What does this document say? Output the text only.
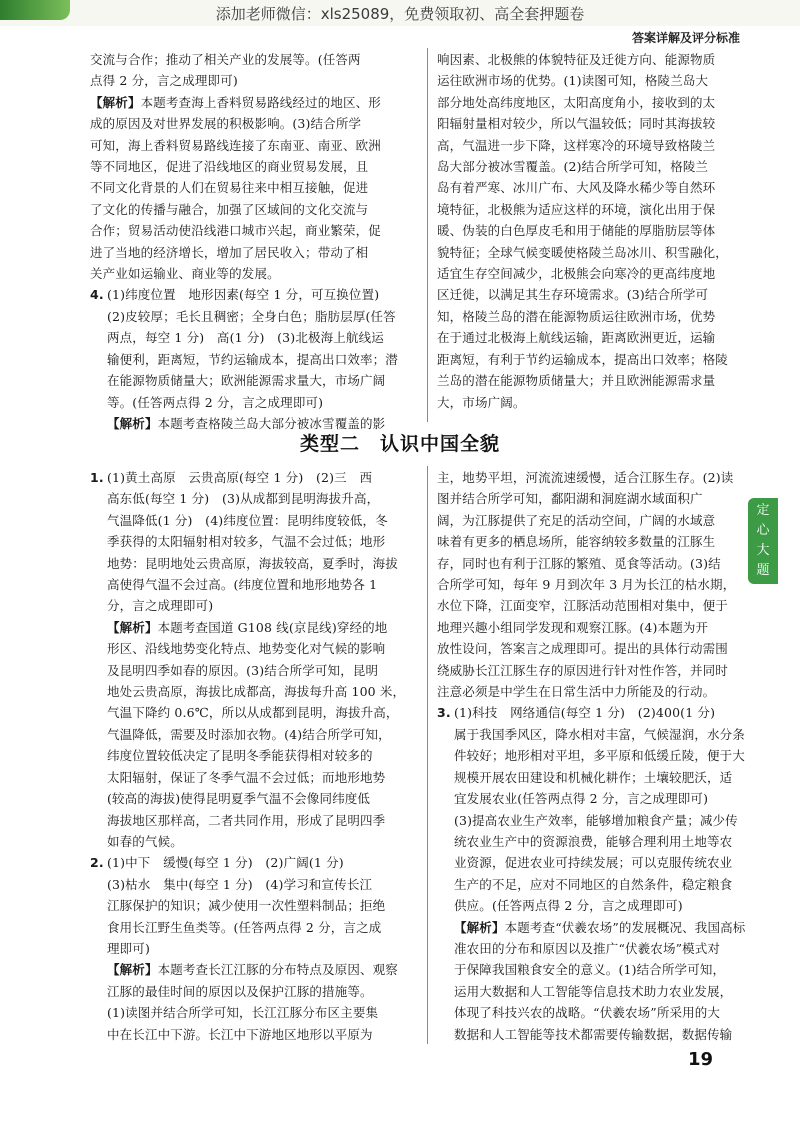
添加老师微信：xls25089，免费领取初、高全套押题卷
答案详解及评分标准

交流与合作；推动了相关产业的发展等。(任答两

点得 2 分，言之成理即可)

【解析】本题考查海上香料贸易路线经过的地区、形

成的原因及对世界发展的积极影响。(3)结合所学

可知，海上香料贸易路线连接了东南亚、南亚、欧洲

等不同地区，促进了沿线地区的商业贸易发展，且

不同文化背景的人们在贸易往来中相互接触，促进

了文化的传播与融合，加强了区域间的文化交流与

合作；贸易活动使沿线港口城市兴起，商业繁荣，促

进了当地的经济增长，增加了居民收入；带动了相

关产业如运输业、商业等的发展。

4. (1)纬度位置　地形因素(每空 1 分，可互换位置)

(2)皮较厚；毛长且稠密；全身白色；脂肪层厚(任答

两点，每空 1 分)　高(1 分)　(3)北极海上航线运

输便利，距离短，节约运输成本，提高出口效率；潜

在能源物质储量大；欧洲能源需求量大，市场广阔

等。(任答两点得 2 分，言之成理即可)

【解析】本题考查格陵兰岛大部分被冰雪覆盖的影

响因素、北极熊的体貌特征及迁徙方向、能源物质

运往欧洲市场的优势。(1)读图可知，格陵兰岛大

部分地处高纬度地区，太阳高度角小，接收到的太

阳辐射量相对较少，所以气温较低；同时其海拔较

高，气温进一步下降，这样寒冷的环境导致格陵兰

岛大部分被冰雪覆盖。(2)结合所学可知，格陵兰

岛有着严寒、冰川广布、大风及降水稀少等自然环

境特征，北极熊为适应这样的环境，演化出用于保

暖、伪装的白色厚皮毛和用于储能的厚脂肪层等体

貌特征；全球气候变暖使格陵兰岛冰川、积雪融化，

适宜生存空间减少，北极熊会向寒冷的更高纬度地

区迁徙，以满足其生存环境需求。(3)结合所学可

知，格陵兰岛的潜在能源物质运往欧洲市场，优势

在于通过北极海上航线运输，距离欧洲更近，运输

距离短，有利于节约运输成本，提高出口效率；格陵

兰岛的潜在能源物质储量大；并且欧洲能源需求量

大，市场广阔。

类型二　认识中国全貌

1. (1)黄土高原　云贵高原(每空 1 分)　(2)三　西

高东低(每空 1 分)　(3)从成都到昆明海拔升高，

气温降低(1 分)　(4)纬度位置：昆明纬度较低，冬

季获得的太阳辐射相对较多，气温不会过低；地形

地势：昆明地处云贵高原，海拔较高，夏季时，海拔

高使得气温不会过高。(纬度位置和地形地势各 1

分，言之成理即可)

【解析】本题考查国道 G108 线(京昆线)穿经的地

形区、沿线地势变化特点、地势变化对气候的影响

及昆明四季如春的原因。(3)结合所学可知，昆明

地处云贵高原，海拔比成都高，海拔每升高 100 米，

气温下降约 0.6℃，所以从成都到昆明，海拔升高，

气温降低，需要及时添加衣物。(4)结合所学可知，

纬度位置较低决定了昆明冬季能获得相对较多的

太阳辐射，保证了冬季气温不会过低；而地形地势

(较高的海拔)使得昆明夏季气温不会像同纬度低

海拔地区那样高，二者共同作用，形成了昆明四季

如春的气候。

2. (1)中下　缓慢(每空 1 分)　(2)广阔(1 分)

(3)枯水　集中(每空 1 分)　(4)学习和宣传长江

江豚保护的知识；减少使用一次性塑料制品；拒绝

食用长江野生鱼类等。(任答两点得 2 分，言之成

理即可)

【解析】本题考查长江江豚的分布特点及原因、观察

江豚的最佳时间的原因以及保护江豚的措施等。

(1)读图并结合所学可知，长江江豚分布区主要集

中在长江中下游。长江中下游地区地形以平原为

主，地势平坦，河流流速缓慢，适合江豚生存。(2)读

图并结合所学可知，鄱阳湖和洞庭湖水域面积广

阔，为江豚提供了充足的活动空间，广阔的水域意

味着有更多的栖息场所，能容纳较多数量的江豚生

存，同时也有利于江豚的繁殖、觅食等活动。(3)结

合所学可知，每年 9 月到次年 3 月为长江的枯水期，

水位下降，江面变窄，江豚活动范围相对集中，便于

地理兴趣小组同学发现和观察江豚。(4)本题为开

放性设问，答案言之成理即可。提出的具体行动需围

绕威胁长江江豚生存的原因进行针对性作答，并同时

注意必须是中学生在日常生活中力所能及的行动。

3. (1)科技　网络通信(每空 1 分)　(2)400(1 分)

属于我国季风区，降水相对丰富，气候湿润，水分条

件较好；地形相对平坦，多平原和低缓丘陵，便于大

规模开展农田建设和机械化耕作；土壤较肥沃，适

宜发展农业(任答两点得 2 分，言之成理即可)

(3)提高农业生产效率，能够增加粮食产量；减少传

统农业生产中的资源浪费，能够合理利用土地等农

业资源，促进农业可持续发展；可以克服传统农业

生产的不足，应对不同地区的自然条件，稳定粮食

供应。(任答两点得 2 分，言之成理即可)

【解析】本题考查“伏羲农场”的发展概况、我国高标

准农田的分布和原因以及推广“伏羲农场”模式对

于保障我国粮食安全的意义。(1)结合所学可知，

运用大数据和人工智能等信息技术助力农业发展，

体现了科技兴农的战略。“伏羲农场”所采用的大

数据和人工智能等技术都需要传输数据，数据传输

定
心
大
题
19
